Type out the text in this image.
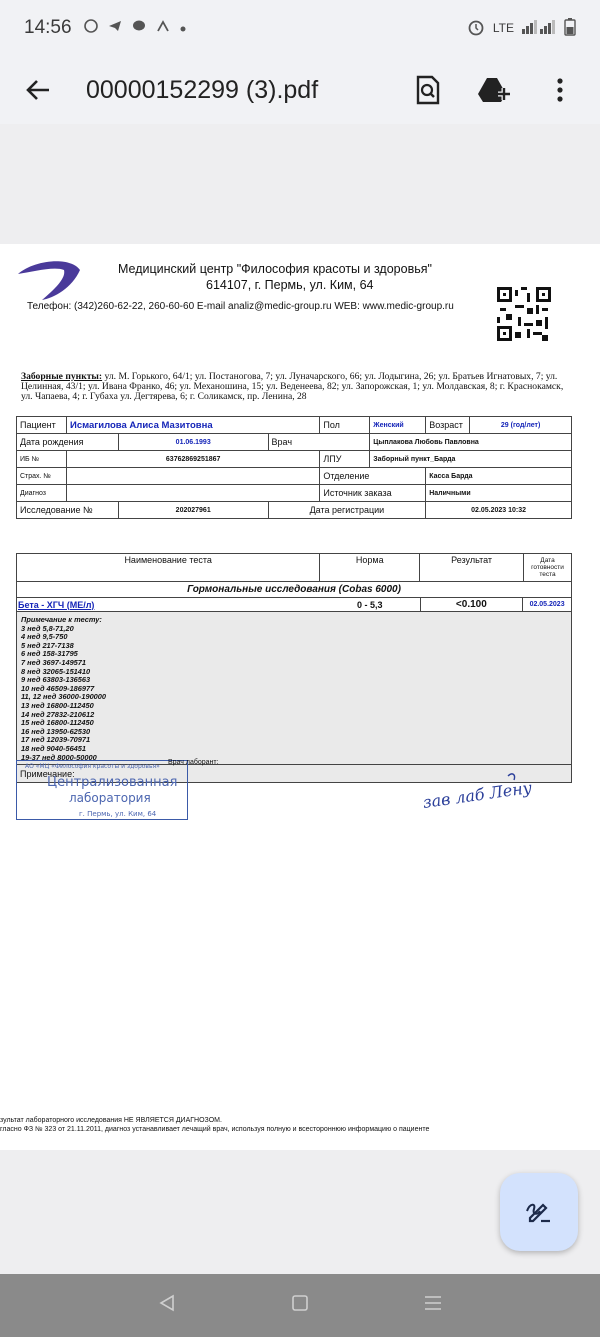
14:56	LTE
00000152299 (3).pdf
Медицинский центр "Философия красоты и здоровья"
614107, г. Пермь, ул. Ким, 64
Телефон: (342)260-62-22, 260-60-60 E-mail analiz@medic-group.ru WEB: www.medic-group.ru
Заборные пункты: ул. М. Горького, 64/1; ул. Постаногова, 7; ул. Луначарского, 66; ул. Лодыгина, 26; ул. Братьев Игнатовых, 7; ул. Целинная, 43/1; ул. Ивана Франко, 46; ул. Механошина, 15; ул. Веденеева, 82; ул. Запорожская, 1; ул. Молдавская, 8; г. Краснокамск, ул. Чапаева, 4; г. Губаха ул. Дегтярева, 6; г. Соликамск, пр. Ленина, 28
Пациент	Исмагилова Алиса Мазитовна			Пол	Женский	Возраст	29 (год/лет)
Дата рождения		01.06.1993	Врач		Цыплакова Любовь Павловна		
ИБ №	63762869251867			ЛПУ	Заборный пункт_Барда		
Страх. №				Отделение		Касса Барда	
Диагноз				Источник заказа		Наличными	
Исследование №		202027961	Дата регистрации			02.05.2023 10:32	
Наименование теста	Норма	Результат	Дата готовности теста
Гормональные исследования (Cobas 6000)
Бета - ХГЧ (МЕ/л)	0 - 5,3	<0.100	02.05.2023
Примечание к тесту:
3 нед 5,8-71,20
4 нед 9,5-750
5 нед 217-7138
6 нед 158-31795
7 нед 3697-149571
8 нед 32065-151410
9 нед 63803-136563
10 нед 46509-186977
11, 12 нед 36000-190000
13 нед 16800-112450
14 нед 27832-210612
15 нед 16800-112450
16 нед 13950-62530
17 нед 12039-70971
18 нед 9040-56451
19-37 нед 8000-50000
Примечание:
АО «МЦ «Философия красоты и здоровья»
Централизованная
лаборатория
г. Пермь, ул. Ким, 64
Врач лаборант:
зав лаб Лену
зультат лабораторного исследования НЕ ЯВЛЯЕТСЯ ДИАГНОЗОМ.
гласно ФЗ № 323 от 21.11.2011, диагноз устанавливает лечащий врач, используя полную и всестороннюю информацию о пациенте
